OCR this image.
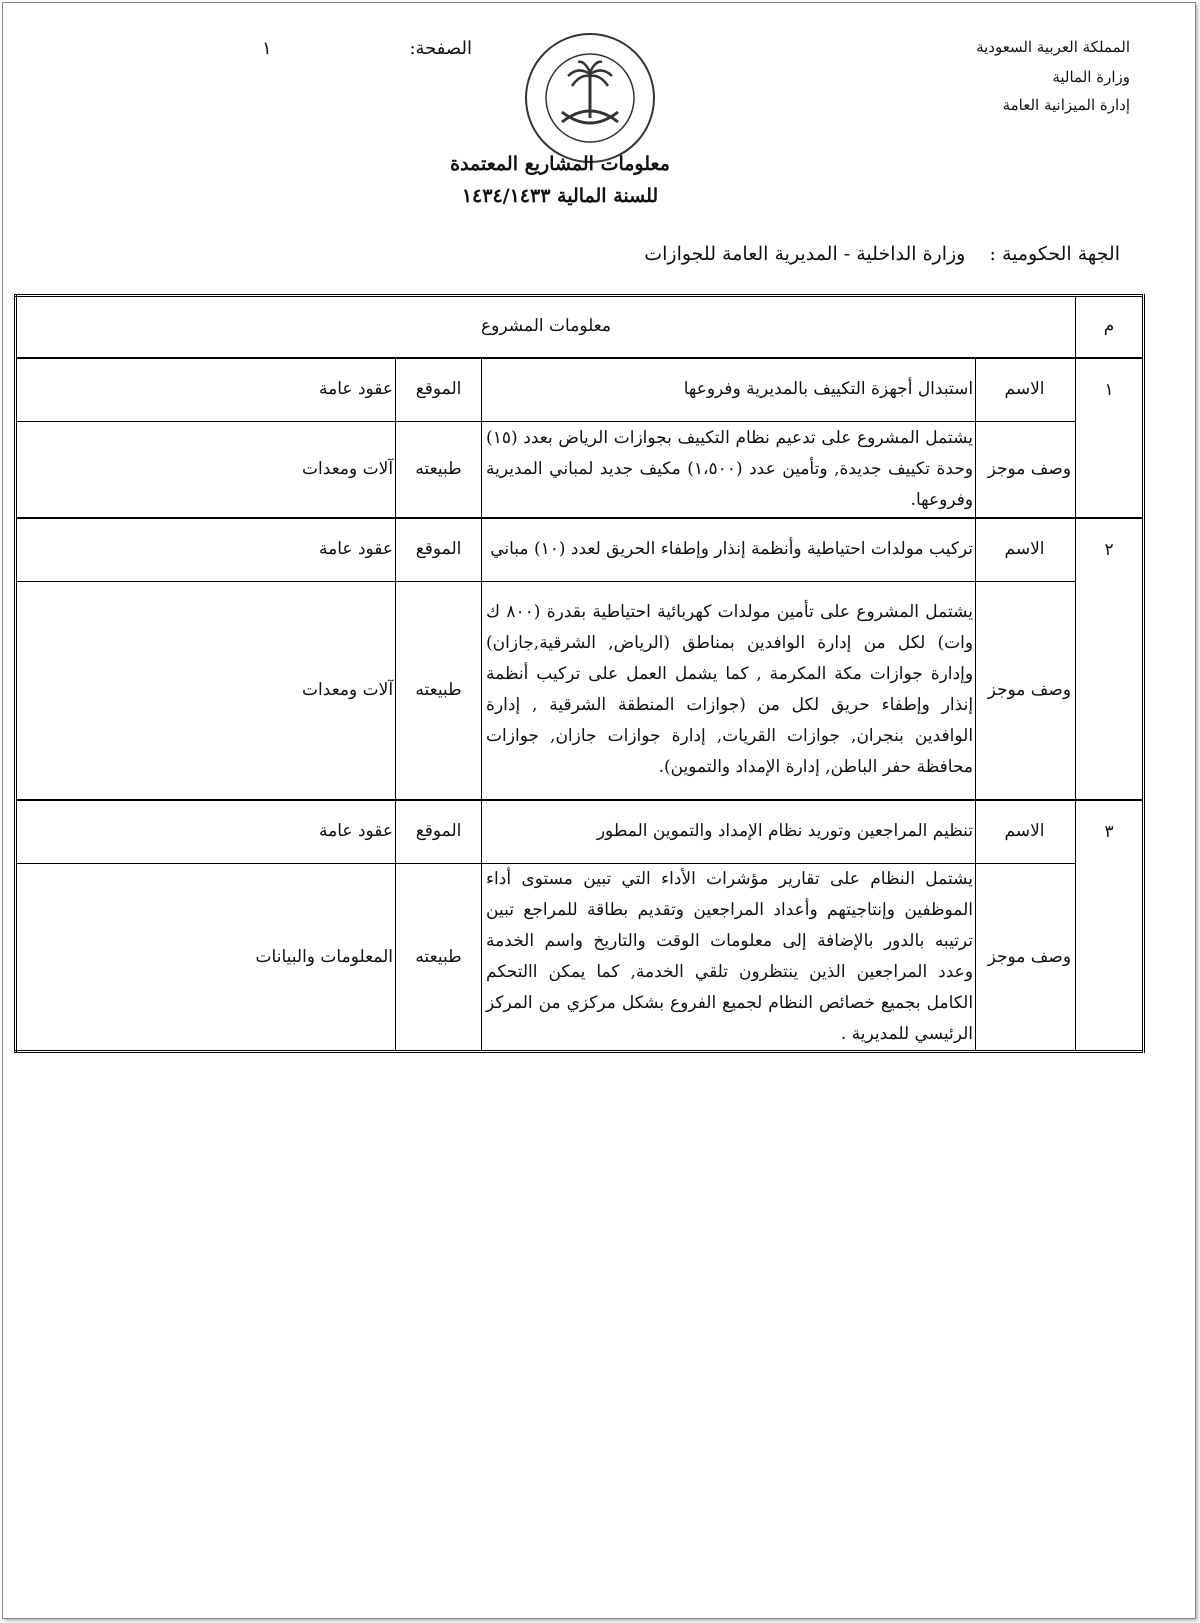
المملكة العربية السعودية
وزارة المالية
إدارة الميزانية العامة
الصفحة:
١
معلومات المشاريع المعتمدة
للسنة المالية ١٤٣٤/١٤٣٣
الجهة الحكومية :    وزارة الداخلية - المديرية العامة للجوازات
م	معلومات المشروع			
١	الاسم	استبدال أجهزة التكييف بالمديرية وفروعها	الموقع	عقود عامة
	وصف موجز	يشتمل المشروع على تدعيم نظام التكييف بجوازات الرياض بعدد (١٥) وحدة تكييف جديدة, وتأمين عدد (١،٥٠٠) مكيف جديد لمباني المديرية وفروعها.	طبيعته	آلات ومعدات
٢	الاسم	تركيب مولدات احتياطية وأنظمة إنذار وإطفاء الحريق لعدد (١٠) مباني	الموقع	عقود عامة
	وصف موجز	يشتمل المشروع على تأمين مولدات كهربائية احتياطية بقدرة (٨٠٠ ك وات) لكل من إدارة الوافدين بمناطق (الرياض, الشرقية,جازان) وإدارة جوازات مكة المكرمة , كما يشمل العمل على تركيب أنظمة إنذار وإطفاء حريق لكل من (جوازات المنطقة الشرقية , إدارة الوافدين بنجران, جوازات القريات, إدارة جوازات جازان, جوازات محافظة حفر الباطن, إدارة الإمداد والتموين).	طبيعته	آلات ومعدات
٣	الاسم	تنظيم المراجعين وتوريد نظام الإمداد والتموين المطور	الموقع	عقود عامة
	وصف موجز	يشتمل النظام على تقارير مؤشرات الأداء التي تبين مستوى أداء الموظفين وإنتاجيتهم وأعداد المراجعين وتقديم بطاقة للمراجع تبين ترتيبه بالدور بالإضافة إلى معلومات الوقت والتاريخ واسم الخدمة وعدد المراجعين الذين ينتظرون تلقي الخدمة, كما يمكن االتحكم الكامل بجميع خصائص النظام لجميع الفروع بشكل مركزي من المركز الرئيسي للمديرية .	طبيعته	المعلومات والبيانات
